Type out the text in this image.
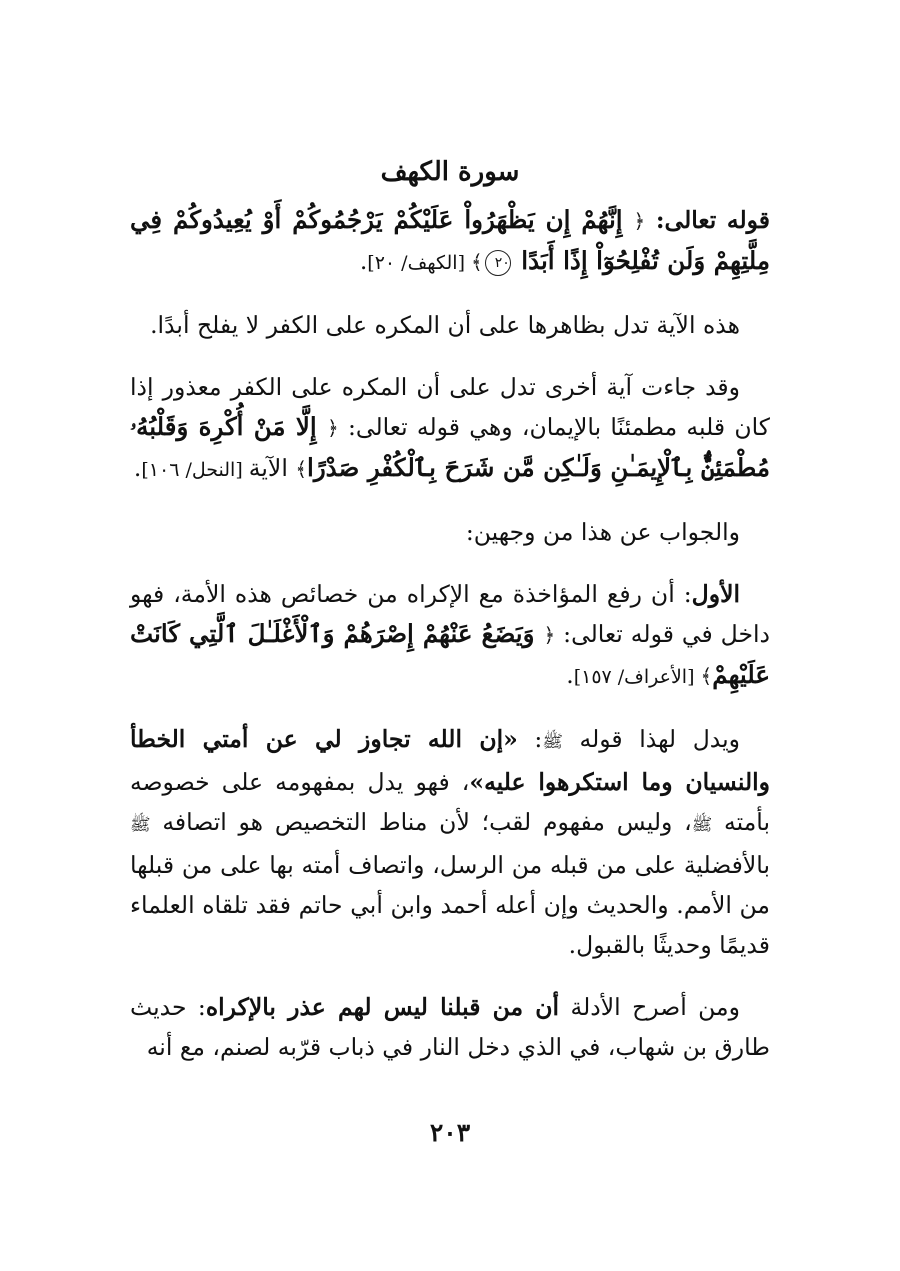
سورة الكهف

قوله تعالى: ﴿ إِنَّهُمْ إِن يَظْهَرُواْ عَلَيْكُمْ يَرْجُمُوكُمْ أَوْ يُعِيدُوكُمْ فِي مِلَّتِهِمْ وَلَن تُفْلِحُوٓاْ إِذًا أَبَدًا ٢٠﴾ [الكهف/ ٢٠].

هذه الآية تدل بظاهرها على أن المكره على الكفر لا يفلح أبدًا.

وقد جاءت آية أخرى تدل على أن المكره على الكفر معذور إذا كان قلبه مطمئنًا بالإيمان، وهي قوله تعالى: ﴿ إِلَّا مَنْ أُكْرِهَ وَقَلْبُهُۥ مُطْمَئِنٌّۢ بِٱلْإِيمَـٰنِ وَلَـٰكِن مَّن شَرَحَ بِٱلْكُفْرِ صَدْرًا﴾ الآية [النحل/ ١٠٦].

والجواب عن هذا من وجهين:

الأول: أن رفع المؤاخذة مع الإكراه من خصائص هذه الأمة، فهو داخل في قوله تعالى: ﴿ وَيَضَعُ عَنْهُمْ إِصْرَهُمْ وَٱلْأَغْلَـٰلَ ٱلَّتِي كَانَتْ عَلَيْهِمْ﴾ [الأعراف/ ١٥٧].

ويدل لهذا قوله ﷺ: «إن الله تجاوز لي عن أمتي الخطأ والنسيان وما استكرهوا عليه»، فهو يدل بمفهومه على خصوصه بأمته ﷺ، وليس مفهوم لقب؛ لأن مناط التخصيص هو اتصافه ﷺ بالأفضلية على من قبله من الرسل، واتصاف أمته بها على من قبلها من الأمم. والحديث وإن أعله أحمد وابن أبي حاتم فقد تلقاه العلماء قديمًا وحديثًا بالقبول.

ومن أصرح الأدلة أن من قبلنا ليس لهم عذر بالإكراه: حديث طارق بن شهاب، في الذي دخل النار في ذباب قرّبه لصنم، مع أنه

٢٠٣
